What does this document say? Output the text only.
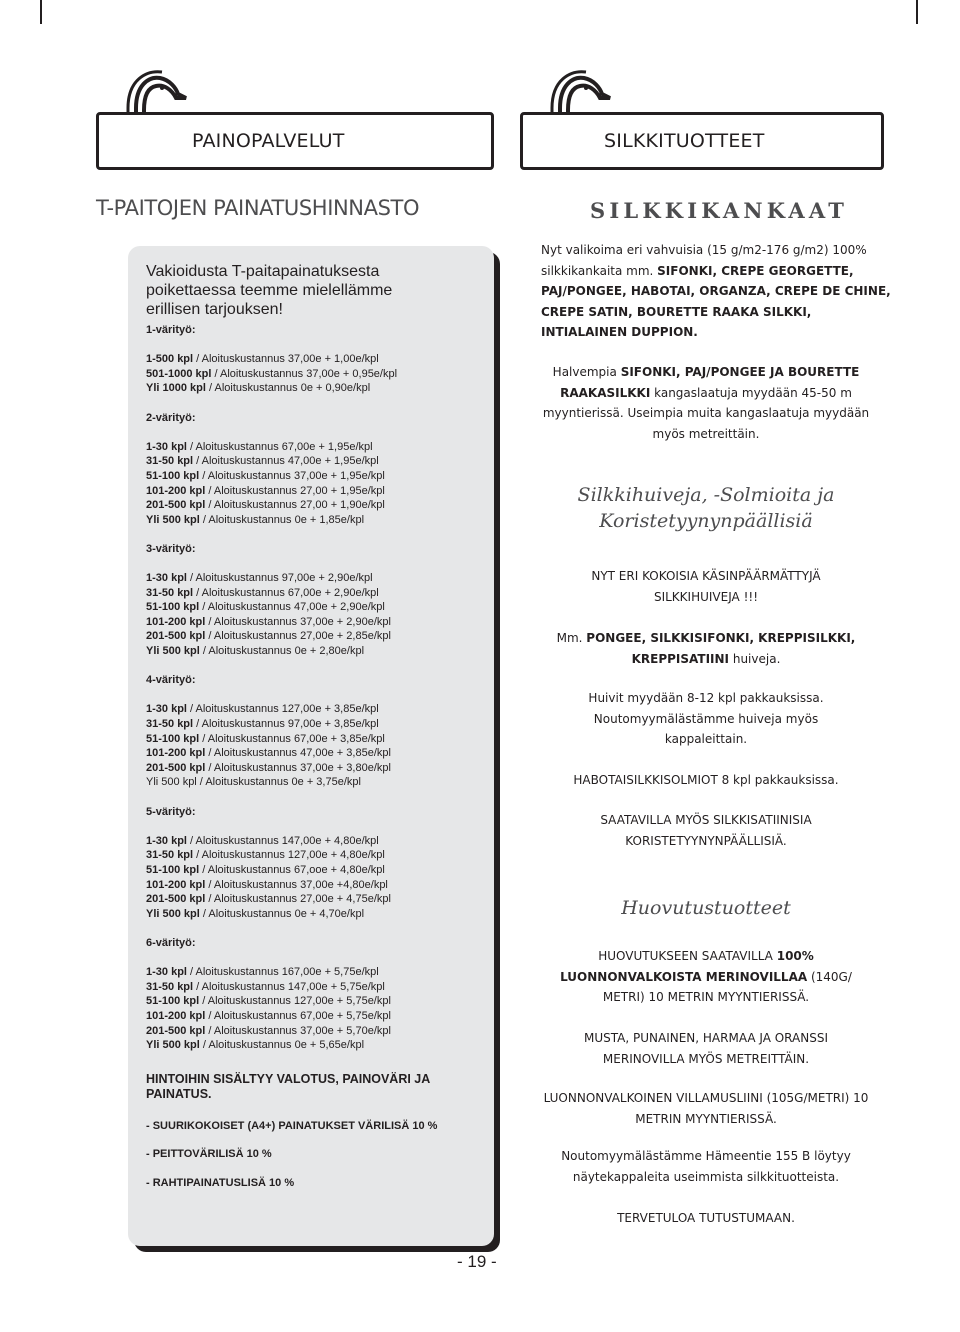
PAINOPALVELUT	SILKKITUOTTEET
T-PAITOJEN PAINATUSHINNASTO
Vakioidusta T-paitapainatuksesta
poikettaessa teemme mielellämme
erillisen tarjouksen!
1-värityö:
1-500 kpl / Aloituskustannus 37,00e + 1,00e/kpl
501-1000 kpl / Aloituskustannus 37,00e + 0,95e/kpl
Yli 1000 kpl / Aloituskustannus 0e + 0,90e/kpl
2-värityö:
1-30 kpl / Aloituskustannus 67,00e + 1,95e/kpl
31-50 kpl / Aloituskustannus 47,00e + 1,95e/kpl
51-100 kpl / Aloituskustannus 37,00e + 1,95e/kpl
101-200 kpl / Aloituskustannus 27,00 + 1,95e/kpl
201-500 kpl / Aloituskustannus 27,00 + 1,90e/kpl
Yli 500 kpl / Aloituskustannus 0e + 1,85e/kpl
3-värityö:
1-30 kpl / Aloituskustannus 97,00e + 2,90e/kpl
31-50 kpl / Aloituskustannus 67,00e + 2,90e/kpl
51-100 kpl / Aloituskustannus 47,00e + 2,90e/kpl
101-200 kpl / Aloituskustannus 37,00e + 2,90e/kpl
201-500 kpl / Aloituskustannus 27,00e + 2,85e/kpl
Yli 500 kpl / Aloituskustannus 0e + 2,80e/kpl
4-värityö:
1-30 kpl / Aloituskustannus 127,00e + 3,85e/kpl
31-50 kpl / Aloituskustannus 97,00e + 3,85e/kpl
51-100 kpl / Aloituskustannus 67,00e + 3,85e/kpl
101-200 kpl / Aloituskustannus 47,00e + 3,85e/kpl
201-500 kpl / Aloituskustannus 37,00e + 3,80e/kpl
Yli 500 kpl / Aloituskustannus 0e + 3,75e/kpl
5-värityö:
1-30 kpl / Aloituskustannus 147,00e + 4,80e/kpl
31-50 kpl / Aloituskustannus 127,00e + 4,80e/kpl
51-100 kpl / Aloituskustannus 67,ooe + 4,80e/kpl
101-200 kpl / Aloituskustannus 37,00e +4,80e/kpl
201-500 kpl / Aloituskustannus 27,00e + 4,75e/kpl
Yli 500 kpl / Aloituskustannus 0e + 4,70e/kpl
6-värityö:
1-30 kpl / Aloituskustannus 167,00e + 5,75e/kpl
31-50 kpl / Aloituskustannus 147,00e + 5,75e/kpl
51-100 kpl / Aloituskustannus 127,00e + 5,75e/kpl
101-200 kpl / Aloituskustannus 67,00e + 5,75e/kpl
201-500 kpl / Aloituskustannus 37,00e + 5,70e/kpl
Yli 500 kpl / Aloituskustannus 0e + 5,65e/kpl
HINTOIHIN SISÄLTYY VALOTUS, PAINOVÄRI JA PAINATUS.
- SUURIKOKOISET (A4+) PAINATUKSET VÄRILISÄ 10 %
- PEITTOVÄRILISÄ 10 %
- RAHTIPAINATUSLISÄ 10 %
SILKKIKANKAAT
Nyt valikoima eri vahvuisia (15 g/m2-176 g/m2) 100% silkkikankaita mm. SIFONKI, CREPE GEORGETTE, PAJ/PONGEE, HABOTAI, ORGANZA, CREPE DE CHINE, CREPE SATIN, BOURETTE RAAKA SILKKI, INTIALAINEN DUPPION.
Halvempia SIFONKI, PAJ/PONGEE JA BOURETTE RAAKASILKKI kangaslaatuja myydään 45-50 m myyntierissä. Useimpia muita kangaslaatuja myydään myös metreittäin.
Silkkihuiveja, -Solmioita ja
Koristetyynynpäällisiä
NYT ERI KOKOISIA KÄSINPÄÄRMÄTTYJÄ SILKKIHUIVEJA !!!
Mm. PONGEE, SILKKISIFONKI, KREPPISILKKI, KREPPISATIINI huiveja.
Huivit myydään 8-12 kpl pakkauksissa. Noutomyymälästämme huiveja myös kappaleittain.
HABOTAISILKKISOLMIOT 8 kpl pakkauksissa.
SAATAVILLA MYÖS SILKKISATIINISIA KORISTETYYNYNPÄÄLLISIÄ.
Huovutustuotteet
HUOVUTUKSEEN SAATAVILLA 100% LUONNONVALKOISTA MERINOVILLAA (140G/ METRI) 10 METRIN MYYNTIERISSÄ.
MUSTA, PUNAINEN, HARMAA JA ORANSSI MERINOVILLA MYÖS METREITTÄIN.
LUONNONVALKOINEN VILLAMUSLIINI (105G/METRI) 10 METRIN MYYNTIERISSÄ.
Noutomyymälästämme Hämeentie 155 B löytyy näytekappaleita useimmista silkkituotteista.
TERVETULOA TUTUSTUMAAN.
- 19 -
